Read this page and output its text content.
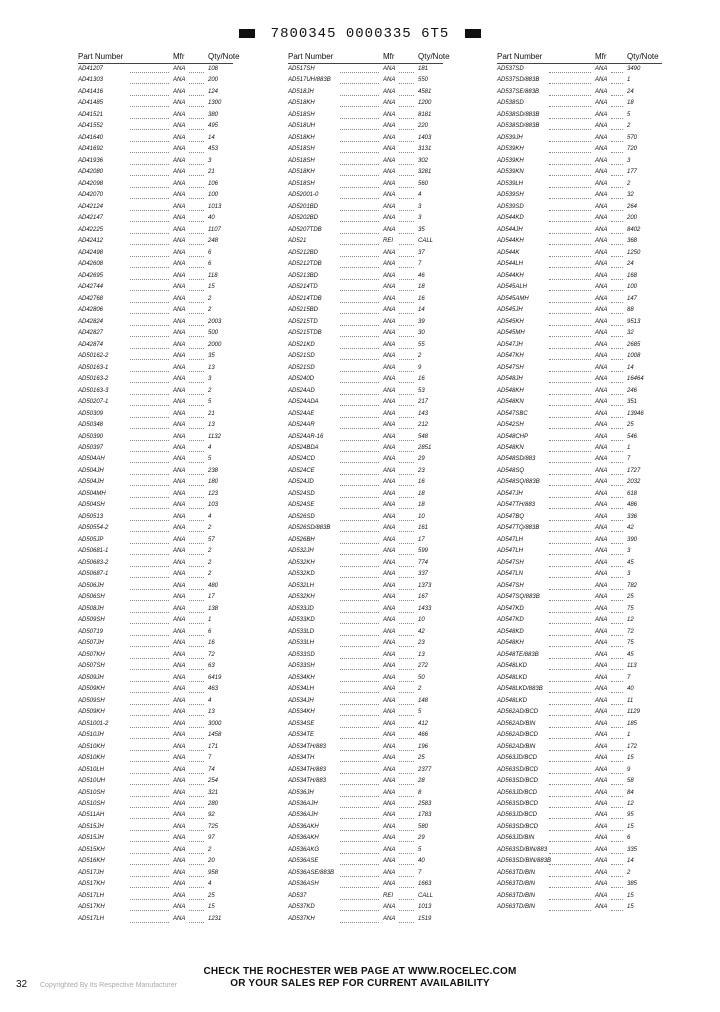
7800345 0000335 6T5
Part Number	Mfr	Qty/Note
AD41207	ANA	108
AD41303	ANA	200
AD41416	ANA	124
AD41485	ANA	1300
AD41521	ANA	380
AD41552	ANA	495
AD41640	ANA	14
AD41692	ANA	453
AD41936	ANA	3
AD42080	ANA	21
AD42098	ANA	106
AD42070	ANA	100
AD42124	ANA	1013
AD42147	ANA	40
AD42225	ANA	1107
AD42412	ANA	248
AD42498	ANA	6
AD42608	ANA	6
AD42695	ANA	118
AD42744	ANA	15
AD42768	ANA	2
AD42806	ANA	2
AD42824	ANA	2003
AD42827	ANA	500
AD42874	ANA	2000
AD50162-2	ANA	35
AD50163-1	ANA	13
AD50163-2	ANA	3
AD50163-3	ANA	2
AD50207-1	ANA	5
AD50309	ANA	21
AD50348	ANA	13
AD50390	ANA	1132
AD50397	ANA	4
AD504AH	ANA	5
AD504JH	ANA	238
AD504JH	ANA	180
AD504MH	ANA	123
AD504SH	ANA	103
AD50513	ANA	4
AD50554-2	ANA	2
AD505JP	ANA	57
AD50681-1	ANA	2
AD50683-2	ANA	2
AD50687-1	ANA	2
AD506JH	ANA	480
AD506SH	ANA	17
AD508JH	ANA	138
AD509SH	ANA	1
AD50719	ANA	6
AD507JH	ANA	16
AD507KH	ANA	72
AD507SH	ANA	63
AD509JH	ANA	6419
AD509KH	ANA	463
AD509SH	ANA	4
AD509KH	ANA	13
AD51001-2	ANA	3000
AD510JH	ANA	1458
AD510KH	ANA	171
AD510KH	ANA	7
AD510LH	ANA	74
AD510UH	ANA	254
AD510SH	ANA	321
AD510SH	ANA	280
AD511AH	ANA	92
AD515JH	ANA	725
AD515JH	ANA	97
AD515KH	ANA	2
AD516KH	ANA	20
AD517JH	ANA	958
AD517KH	ANA	4
AD517LH	ANA	25
AD517KH	ANA	15
AD517LH	ANA	1231
Part Number	Mfr	Qty/Note
AD517SH	ANA	181
AD517UH/883B	ANA	550
AD518JH	ANA	4581
AD518KH	ANA	1200
AD518SH	ANA	8181
AD518UH	ANA	220
AD518KH	ANA	1403
AD518SH	ANA	3131
AD518SH	ANA	302
AD518KH	ANA	3281
AD518SH	ANA	560
AD52001-0	ANA	4
AD5201BD	ANA	3
AD5202BD	ANA	3
AD5207TDB	ANA	35
AD521	REI	CALL
AD5212BD	ANA	37
AD5212TDB	ANA	7
AD5213BD	ANA	46
AD5214TD	ANA	18
AD5214TDB	ANA	16
AD5215BD	ANA	14
AD5215TD	ANA	39
AD5215TDB	ANA	30
AD521KD	ANA	55
AD521SD	ANA	2
AD521SD	ANA	9
AD5240D	ANA	16
AD524AD	ANA	53
AD524ADA	ANA	217
AD524AE	ANA	143
AD524AR	ANA	212
AD524AR-16	ANA	548
AD524BDA	ANA	2851
AD524CD	ANA	29
AD524CE	ANA	23
AD524JD	ANA	16
AD524SD	ANA	18
AD524SE	ANA	18
AD526SD	ANA	10
AD526SD/883B	ANA	161
AD526BH	ANA	17
AD532JH	ANA	599
AD532KH	ANA	774
AD532KD	ANA	337
AD532LH	ANA	1373
AD532KH	ANA	167
AD533JD	ANA	1433
AD533KD	ANA	10
AD533LD	ANA	42
AD533LH	ANA	23
AD533SD	ANA	13
AD533SH	ANA	272
AD534KH	ANA	50
AD534LH	ANA	2
AD534JH	ANA	148
AD534KH	ANA	5
AD534SE	ANA	412
AD534TE	ANA	466
AD534TH/883	ANA	196
AD534TH	ANA	25
AD534TH/883	ANA	2377
AD534TH/883	ANA	28
AD536JH	ANA	8
AD536AJH	ANA	2583
AD536AJH	ANA	1783
AD536AKH	ANA	580
AD536AKH	ANA	29
AD536AKG	ANA	5
AD536ASE	ANA	40
AD536ASE/883B	ANA	7
AD536ASH	ANA	1663
AD537	REI	CALL
AD537KD	ANA	1013
AD537KH	ANA	1519
Part Number	Mfr	Qty/Note
AD537SD	ANA	3490
AD537SD/883B	ANA	1
AD537SE/883B	ANA	24
AD538SD	ANA	18
AD538SD/883B	ANA	5
AD538SD/883B	ANA	2
AD539JH	ANA	570
AD539KH	ANA	720
AD539KH	ANA	3
AD539KN	ANA	177
AD539LH	ANA	2
AD539SH	ANA	32
AD539SD	ANA	264
AD544KD	ANA	200
AD544JH	ANA	8402
AD544KH	ANA	368
AD544K	ANA	1250
AD544LH	ANA	24
AD544KH	ANA	168
AD545ALH	ANA	100
AD545AMH	ANA	147
AD545JH	ANA	88
AD545KH	ANA	9513
AD545MH	ANA	32
AD547JH	ANA	2685
AD547KH	ANA	1008
AD547SH	ANA	14
AD548JH	ANA	16464
AD548KH	ANA	246
AD548KN	ANA	351
AD547SBC	ANA	13946
AD542SH	ANA	25
AD548CHP	ANA	546
AD548KN	ANA	1
AD548SD/883	ANA	7
AD548SQ	ANA	1727
AD548SQ/883B	ANA	2032
AD547JH	ANA	618
AD547TH/883	ANA	486
AD547BQ	ANA	336
AD547TQ/883B	ANA	42
AD547LH	ANA	390
AD547LH	ANA	3
AD547SH	ANA	45
AD547LN	ANA	3
AD547SH	ANA	782
AD547SQ/883B	ANA	25
AD547KD	ANA	75
AD547KD	ANA	12
AD548KD	ANA	72
AD548KH	ANA	75
AD548TE/883B	ANA	45
AD548LKD	ANA	113
AD548LKD	ANA	7
AD548LKD/883B	ANA	40
AD548LKD	ANA	11
AD562AD/BCD	ANA	1129
AD562AD/BIN	ANA	185
AD562AD/BCD	ANA	1
AD562AD/BIN	ANA	172
AD563JD/BCD	ANA	15
AD563SD/BCD	ANA	9
AD563SD/BCD	ANA	58
AD563JD/BCD	ANA	84
AD563SD/BCD	ANA	12
AD563JD/BCD	ANA	95
AD563SD/BCD	ANA	15
AD563JD/BIN	ANA	6
AD563SD/BIN/883	ANA	335
AD563SD/BIN/883B	ANA	14
AD563TD/BIN	ANA	2
AD563TD/BIN	ANA	385
AD563TD/BIN	ANA	15
AD563TD/BIN	ANA	15
32 Copyrighted By Its Respective Manufacturer
CHECK THE ROCHESTER WEB PAGE AT WWW.ROCELEC.COM
OR YOUR SALES REP FOR CURRENT AVAILABILITY
